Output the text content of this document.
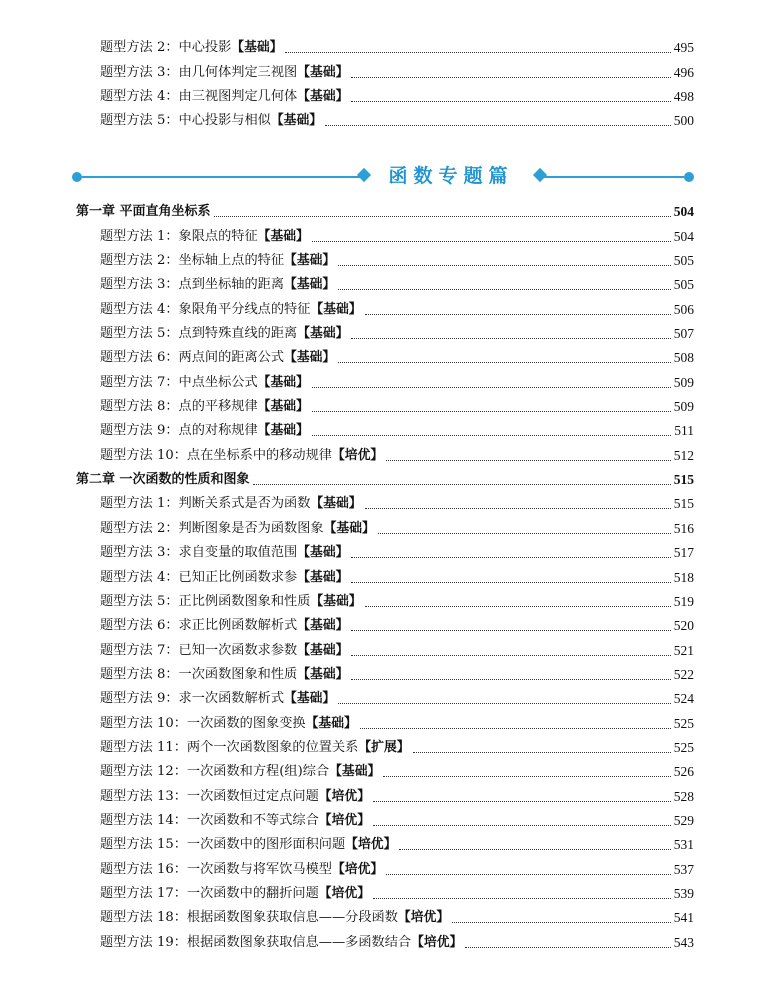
题型方法 2：中心投影 【基础】	495
题型方法 3：由几何体判定三视图 【基础】	496
题型方法 4：由三视图判定几何体 【基础】	498
题型方法 5：中心投影与相似 【基础】	500
函数专题篇
第一章 平面直角坐标系	504
题型方法 1：象限点的特征 【基础】	504
题型方法 2：坐标轴上点的特征 【基础】	505
题型方法 3：点到坐标轴的距离 【基础】	505
题型方法 4：象限角平分线点的特征 【基础】	506
题型方法 5：点到特殊直线的距离 【基础】	507
题型方法 6：两点间的距离公式 【基础】	508
题型方法 7：中点坐标公式 【基础】	509
题型方法 8：点的平移规律 【基础】	509
题型方法 9：点的对称规律 【基础】	511
题型方法 10：点在坐标系中的移动规律 【培优】	512
第二章 一次函数的性质和图象	515
题型方法 1：判断关系式是否为函数 【基础】	515
题型方法 2：判断图象是否为函数图象 【基础】	516
题型方法 3：求自变量的取值范围 【基础】	517
题型方法 4：已知正比例函数求参 【基础】	518
题型方法 5：正比例函数图象和性质 【基础】	519
题型方法 6：求正比例函数解析式 【基础】	520
题型方法 7：已知一次函数求参数 【基础】	521
题型方法 8：一次函数图象和性质 【基础】	522
题型方法 9：求一次函数解析式 【基础】	524
题型方法 10：一次函数的图象变换 【基础】	525
题型方法 11：两个一次函数图象的位置关系 【扩展】	525
题型方法 12：一次函数和方程(组)综合 【基础】	526
题型方法 13：一次函数恒过定点问题 【培优】	528
题型方法 14：一次函数和不等式综合 【培优】	529
题型方法 15：一次函数中的图形面积问题 【培优】	531
题型方法 16：一次函数与将军饮马模型 【培优】	537
题型方法 17：一次函数中的翻折问题 【培优】	539
题型方法 18：根据函数图象获取信息——分段函数 【培优】	541
题型方法 19：根据函数图象获取信息——多函数结合 【培优】	543
